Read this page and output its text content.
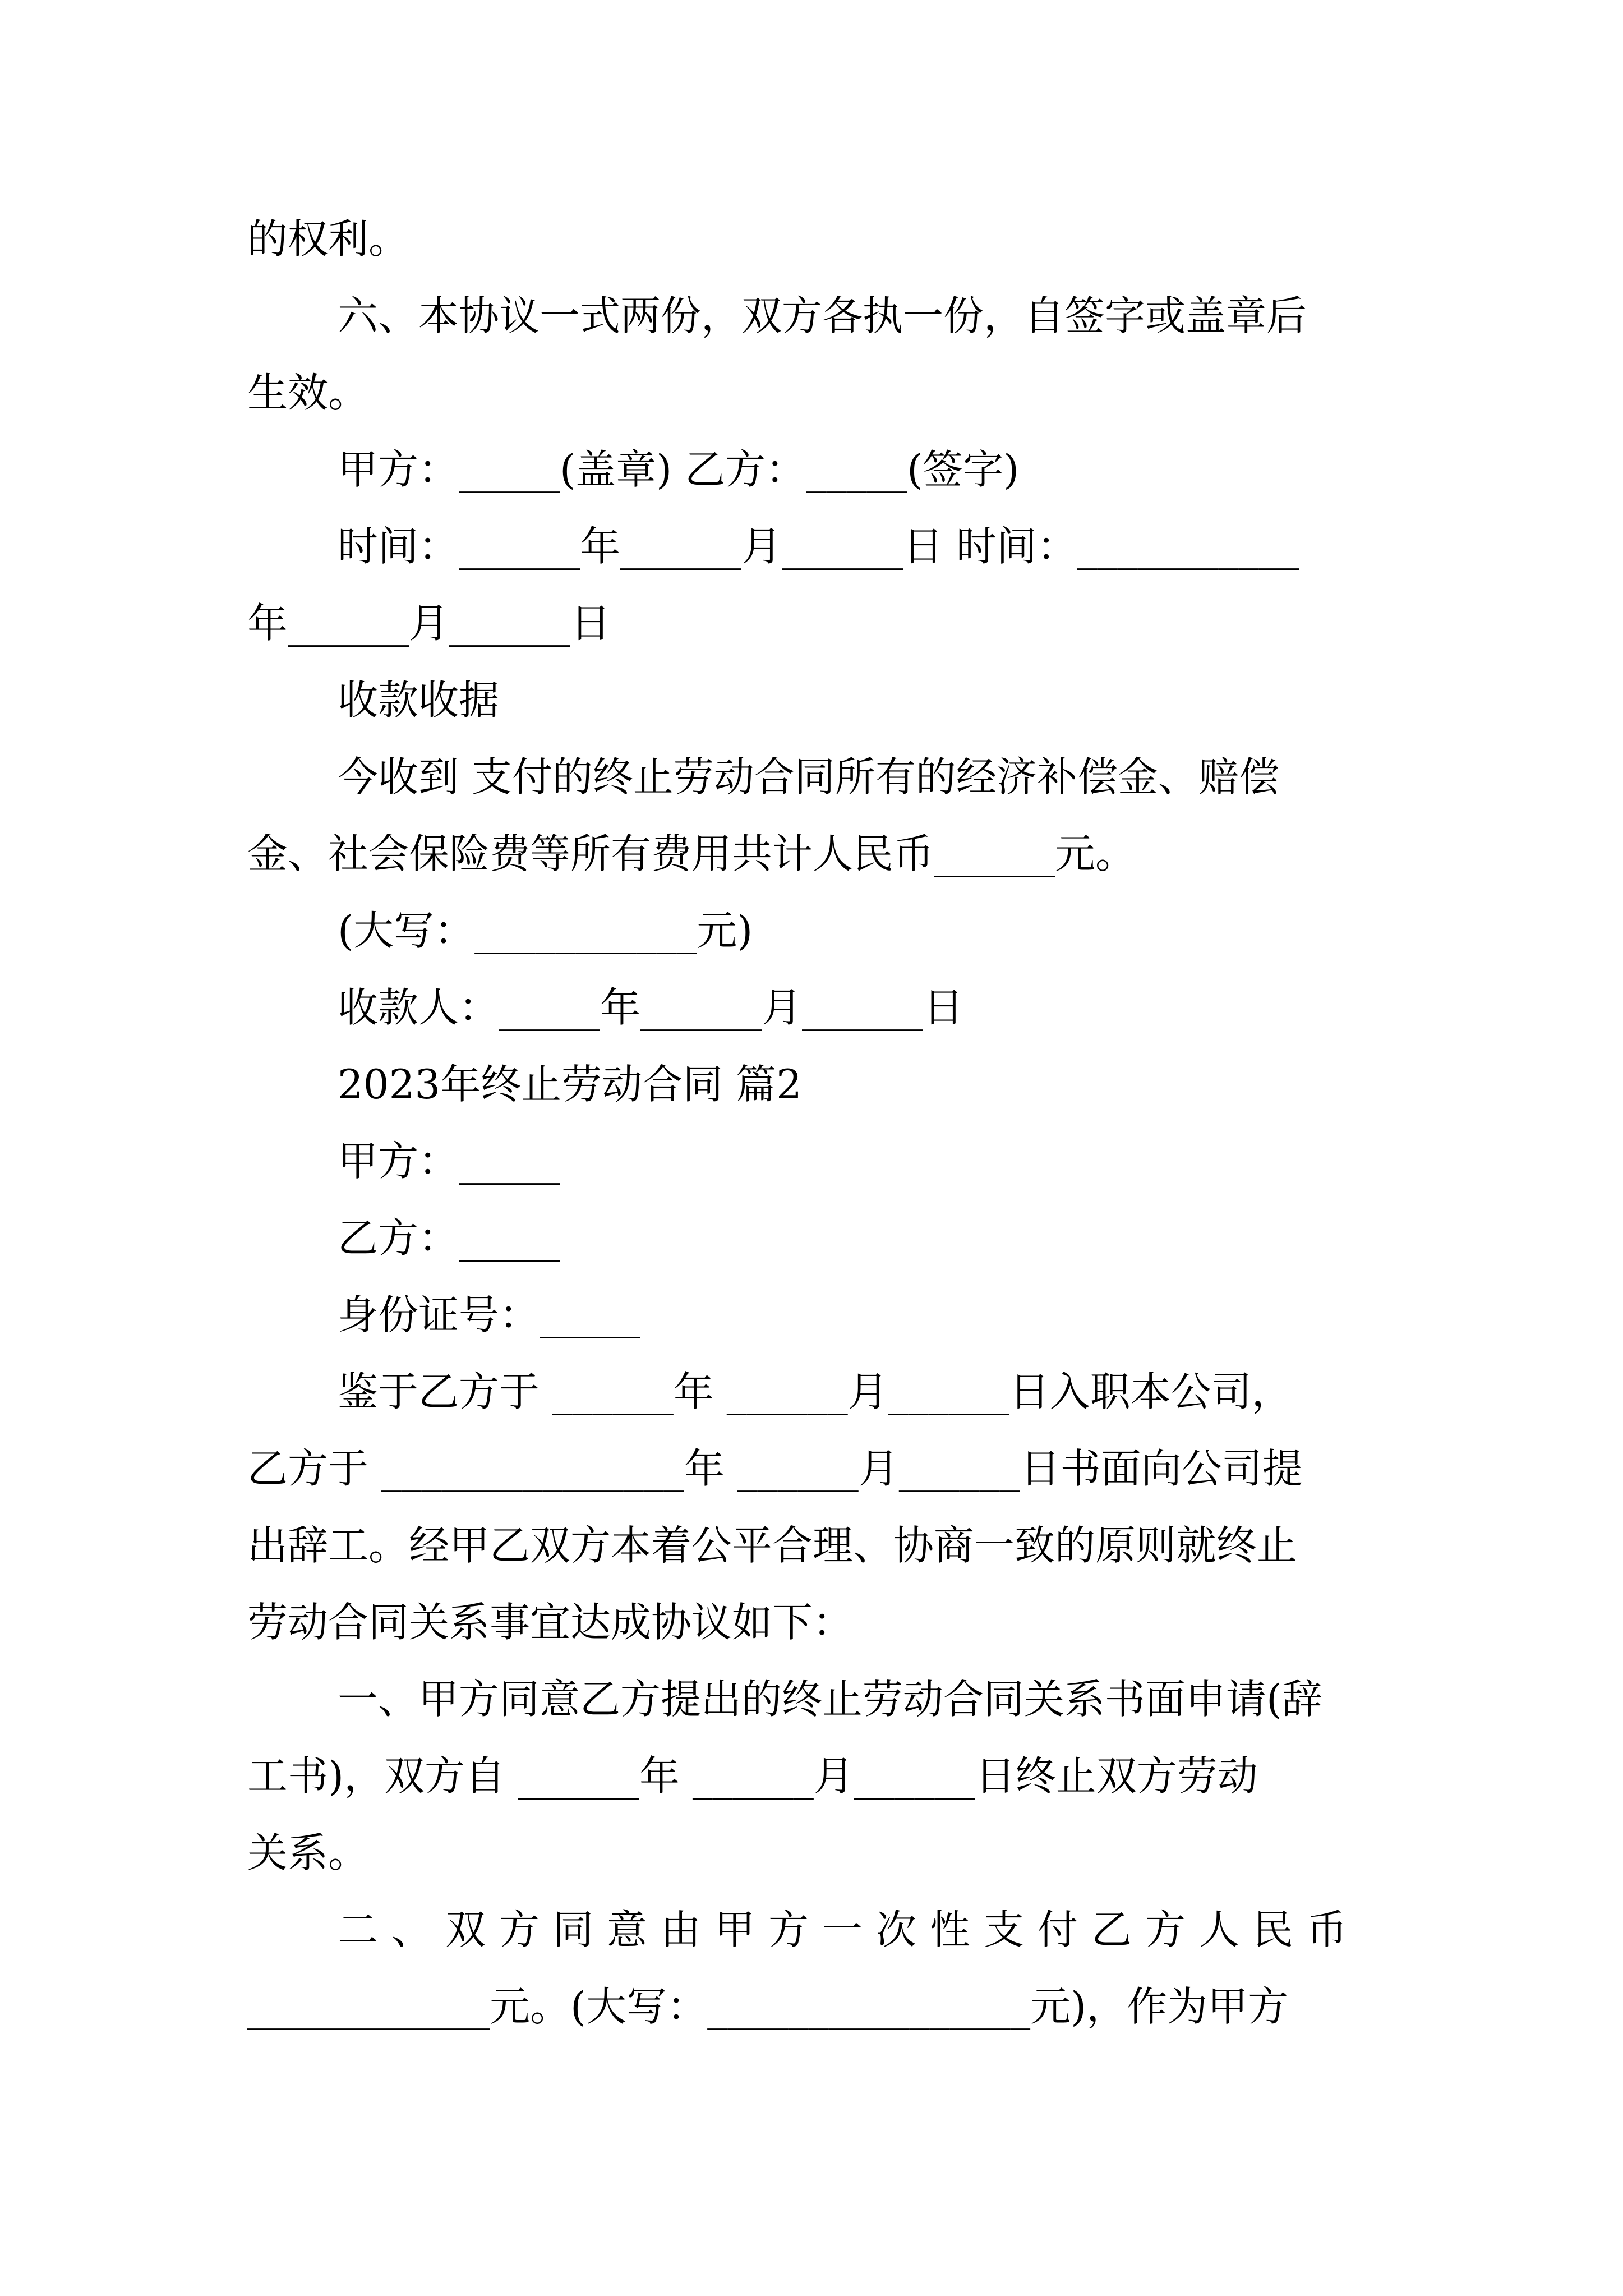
的权利。
六、本协议一式两份，双方各执一份，自签字或盖章后
生效。
甲方：_____(盖章) 乙方：_____(签字)
时间：______年______月______日 时间：___________
年______月______日
收款收据
今收到 支付的终止劳动合同所有的经济补偿金、赔偿
金、社会保险费等所有费用共计人民币______元。
(大写：___________元)
收款人：_____年______月______日
2023年终止劳动合同 篇2
甲方：_____
乙方：_____
身份证号：_____
鉴于乙方于 ______年 ______月______日入职本公司，
乙方于 _______________年 ______月______日书面向公司提
出辞工。经甲乙双方本着公平合理、协商一致的原则就终止
劳动合同关系事宜达成协议如下：
一、甲方同意乙方提出的终止劳动合同关系书面申请(辞
工书)，双方自 ______年 ______月______日终止双方劳动
关系。
二、双方同意由甲方一次性支付乙方人民币
____________元。(大写：________________元)，作为甲方
